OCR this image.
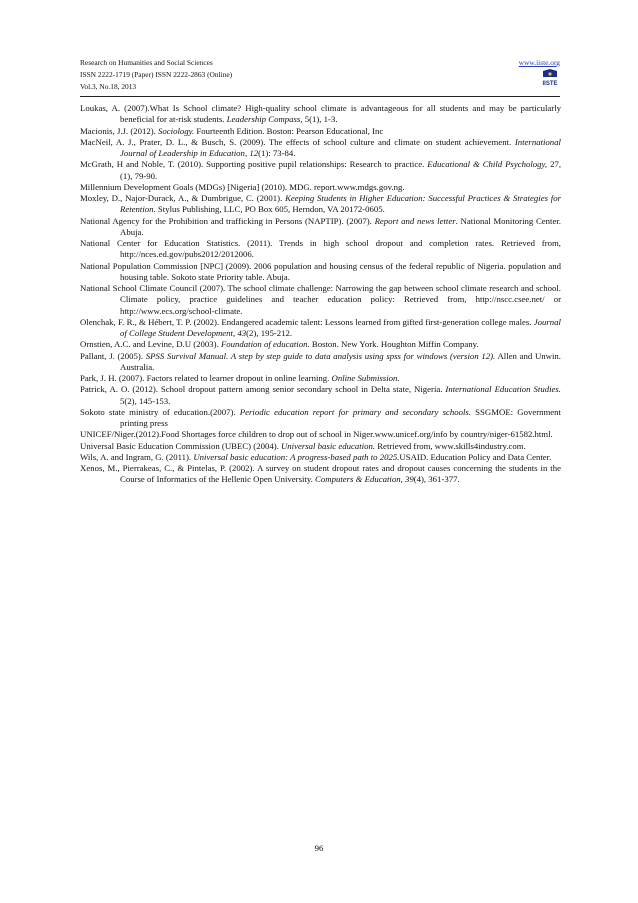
Research on Humanities and Social Sciences
ISSN 2222-1719 (Paper) ISSN 2222-2863 (Online)
Vol.3, No.18, 2013
www.iiste.org
IISTE
Loukas, A. (2007).What Is School climate? High-quality school climate is advantageous for all students and may be particularly beneficial for at-risk students. Leadership Compass, 5(1), 1-3.
Macionis, J.J. (2012). Sociology. Fourteenth Edition. Boston: Pearson Educational, Inc
MacNeil, A. J., Prater, D. L., & Busch, S. (2009). The effects of school culture and climate on student achievement. International Journal of Leadership in Education, 12(1): 73-84.
McGrath, H and Noble, T. (2010). Supporting positive pupil relationships: Research to practice. Educational & Child Psychology, 27, (1), 79-90.
Millennium Development Goals (MDGs) [Nigeria] (2010). MDG. report.www.mdgs.gov.ng.
Moxley, D., Najor-Durack, A., & Dumbrigue, C. (2001). Keeping Students in Higher Education: Successful Practices & Strategies for Retention. Stylus Publishing, LLC, PO Box 605, Herndon, VA 20172-0605.
National Agency for the Prohibition and trafficking in Persons (NAPTIP). (2007). Report and news letter. National Monitoring Center. Abuja.
National Center for Education Statistics. (2011). Trends in high school dropout and completion rates. Retrieved from, http://nces.ed.gov/pubs2012/2012006.
National Population Commission [NPC] (2009). 2006 population and housing census of the federal republic of Nigeria. population and housing table. Sokoto state Priority table. Abuja.
National School Climate Council (2007). The school climate challenge: Narrowing the gap between school climate research and school. Climate policy, practice guidelines and teacher education policy: Retrieved from, http://nscc.csee.net/ or http://www.ecs.org/school-climate.
Olenchak, F. R., & Hébert, T. P. (2002). Endangered academic talent: Lessons learned from gifted first-generation college males. Journal of College Student Development, 43(2), 195-212.
Ornstien, A.C. and Levine, D.U (2003). Foundation of education. Boston. New York. Houghton Miffin Company.
Pallant, J. (2005). SPSS Survival Manual. A step by step guide to data analysis using spss for windows (version 12). Allen and Unwin. Australia.
Park, J. H. (2007). Factors related to learner dropout in online learning. Online Submission.
Patrick, A. O. (2012). School dropout pattern among senior secondary school in Delta state, Nigeria. International Education Studies. 5(2), 145-153.
Sokoto state ministry of education.(2007). Periodic education report for primary and secondary schools. SSGMOE: Government printing press
UNICEF/Niger.(2012).Food Shortages force children to drop out of school in Niger.www.unicef.org/info by country/niger-61582.html.
Universal Basic Education Commission (UBEC) (2004). Universal basic education. Retrieved from, www.skills4industry.com.
Wils, A. and Ingram, G. (2011). Universal basic education: A progress-based path to 2025.USAID. Education Policy and Data Center.
Xenos, M., Pierrakeas, C., & Pintelas, P. (2002). A survey on student dropout rates and dropout causes concerning the students in the Course of Informatics of the Hellenic Open University. Computers & Education, 39(4), 361-377.
96
